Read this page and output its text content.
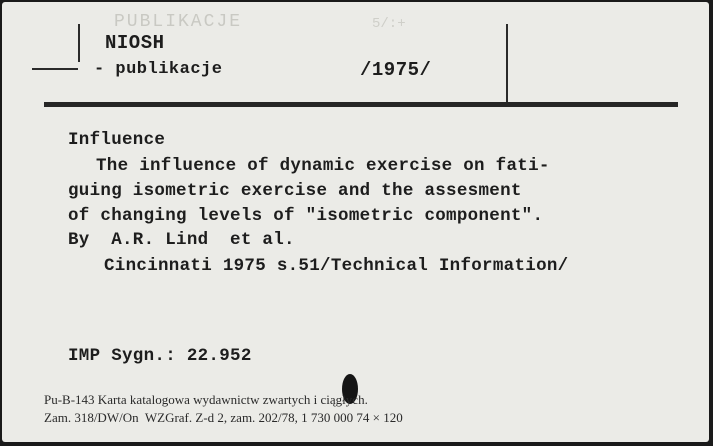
PUBLIKACJE	5/:+
NIOSH
- publikacje	/1975/
Influence
The influence of dynamic exercise on fati-
guing isometric exercise and the assesment
of changing levels of "isometric component".
By  A.R. Lind  et al.
Cincinnati 1975 s.51/Technical Information/
IMP Sygn.: 22.952
Pu-B-143 Karta katalogowa wydawnictw zwartych i ciągłych.
Zam. 318/DW/On  WZGraf. Z-d 2, zam. 202/78, 1 730 000 74 × 120
